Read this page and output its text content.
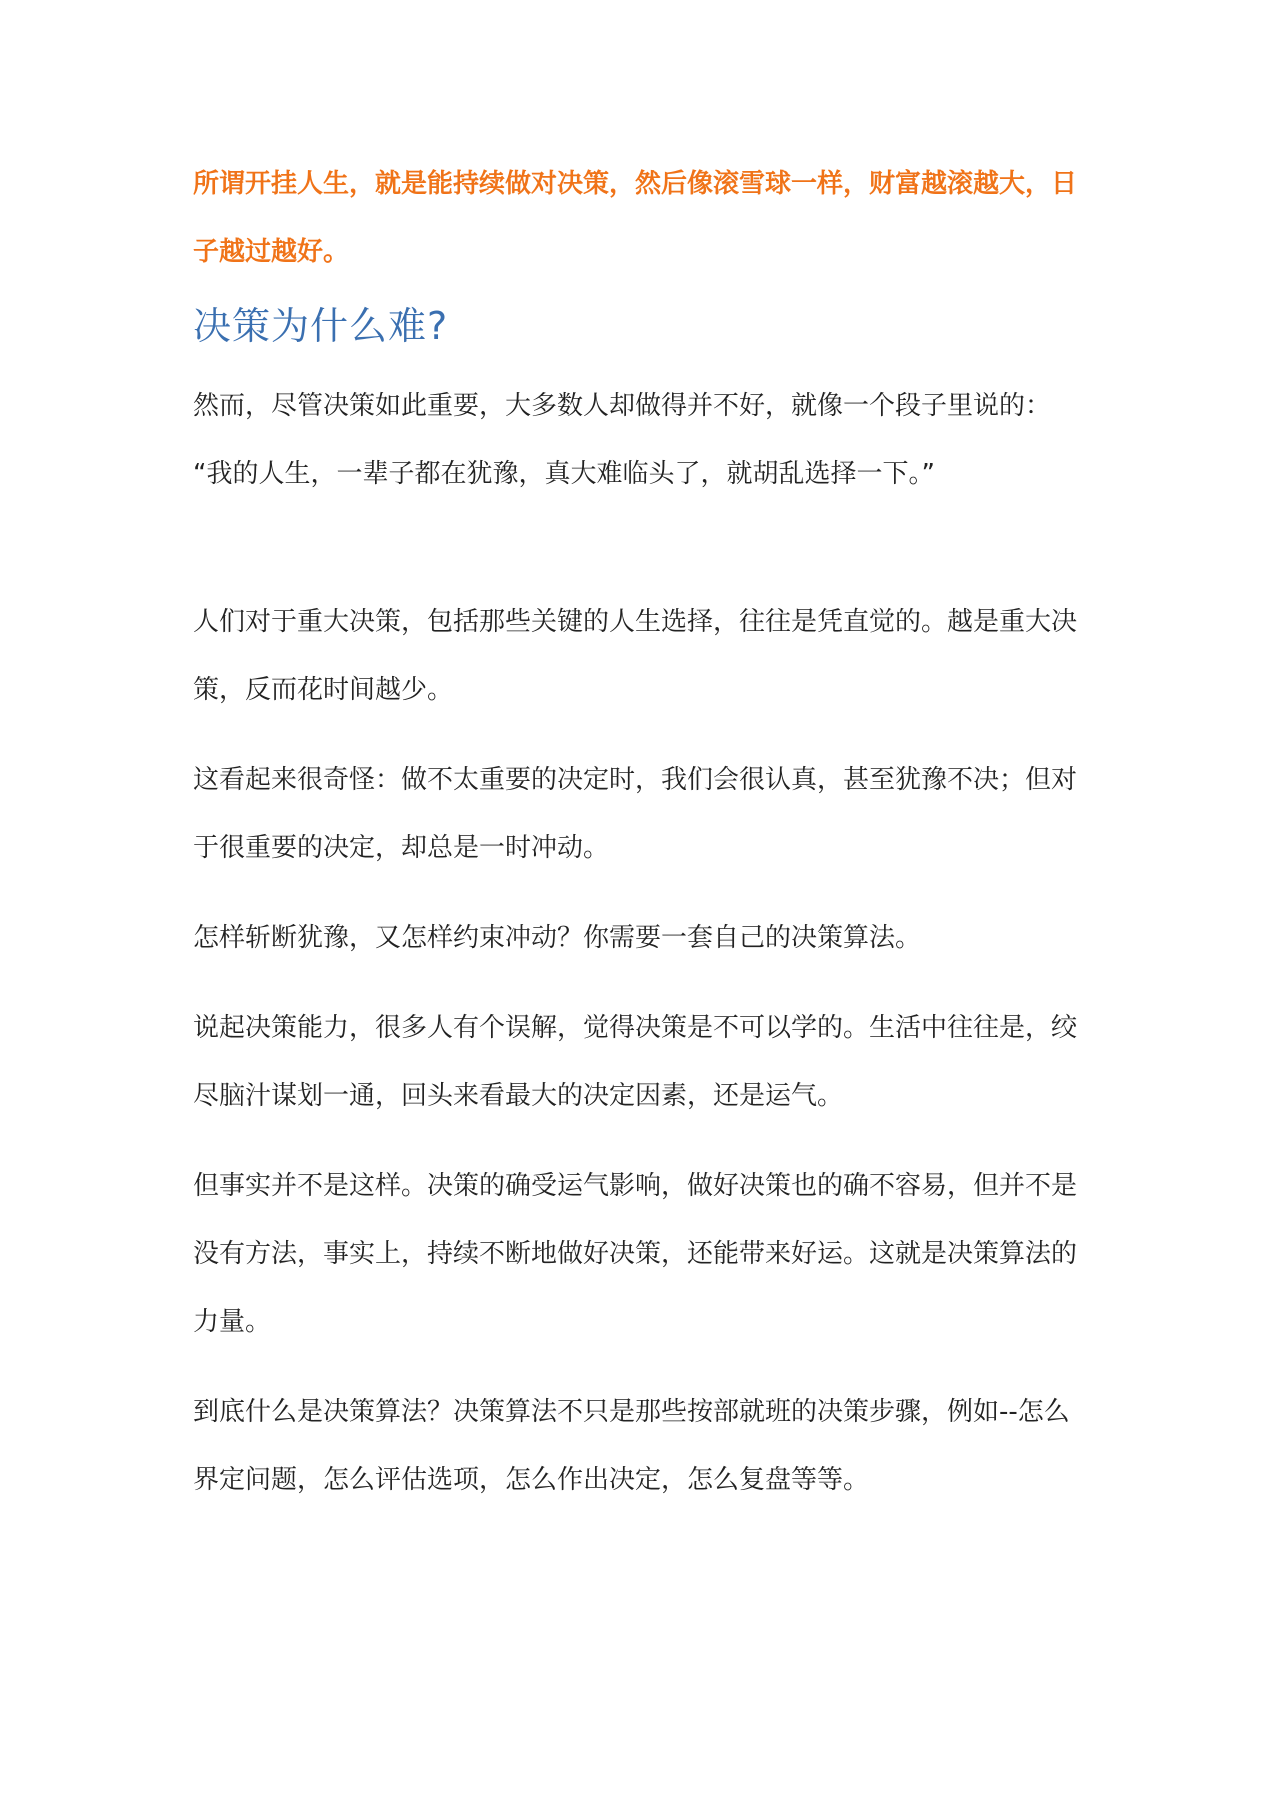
所谓开挂人生，就是能持续做对决策，然后像滚雪球一样，财富越滚越大，日子越过越好。

决策为什么难?

然而，尽管决策如此重要，大多数人却做得并不好，就像一个段子里说的：

“我的人生，一辈子都在犹豫，真大难临头了，就胡乱选择一下。”

人们对于重大决策，包括那些关键的人生选择，往往是凭直觉的。越是重大决策，反而花时间越少。

这看起来很奇怪：做不太重要的决定时，我们会很认真，甚至犹豫不决；但对于很重要的决定，却总是一时冲动。

怎样斩断犹豫，又怎样约束冲动？你需要一套自己的决策算法。

说起决策能力，很多人有个误解，觉得决策是不可以学的。生活中往往是，绞尽脑汁谋划一通，回头来看最大的决定因素，还是运气。

但事实并不是这样。决策的确受运气影响，做好决策也的确不容易，但并不是没有方法，事实上，持续不断地做好决策，还能带来好运。这就是决策算法的力量。

到底什么是决策算法？决策算法不只是那些按部就班的决策步骤，例如--怎么界定问题，怎么评估选项，怎么作出决定，怎么复盘等等。
